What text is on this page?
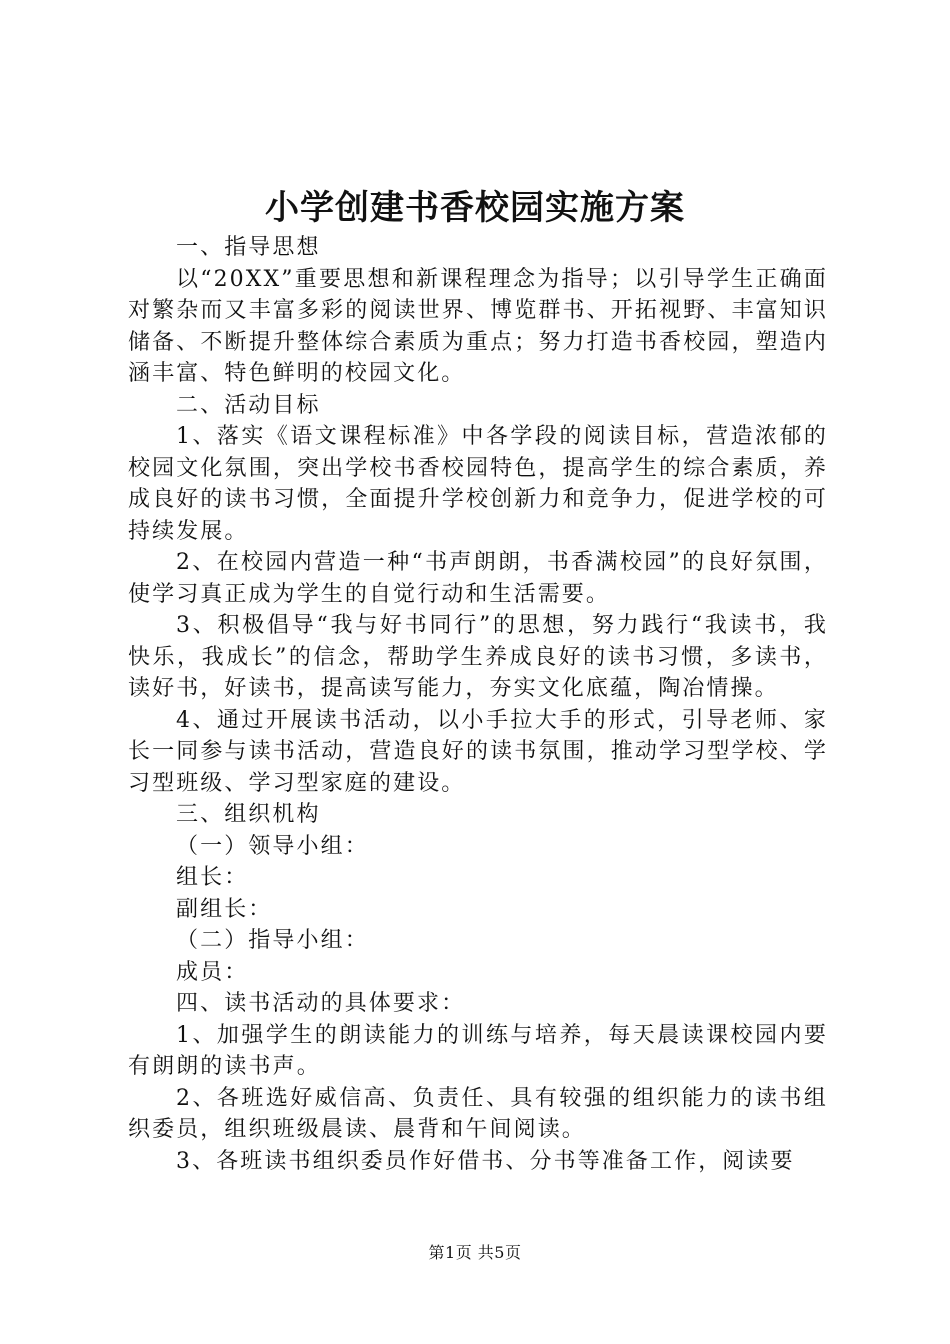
小学创建书香校园实施方案

一、指导思想

以“20XX”重要思想和新课程理念为指导；以引导学生正确面对繁杂而又丰富多彩的阅读世界、博览群书、开拓视野、丰富知识储备、不断提升整体综合素质为重点；努力打造书香校园，塑造内涵丰富、特色鲜明的校园文化。

二、活动目标

1、落实《语文课程标准》中各学段的阅读目标，营造浓郁的校园文化氛围，突出学校书香校园特色，提高学生的综合素质，养成良好的读书习惯，全面提升学校创新力和竞争力，促进学校的可持续发展。

2、在校园内营造一种“书声朗朗，书香满校园”的良好氛围，使学习真正成为学生的自觉行动和生活需要。

3、积极倡导“我与好书同行”的思想，努力践行“我读书，我快乐，我成长”的信念，帮助学生养成良好的读书习惯，多读书，读好书，好读书，提高读写能力，夯实文化底蕴，陶冶情操。

4、通过开展读书活动，以小手拉大手的形式，引导老师、家长一同参与读书活动，营造良好的读书氛围，推动学习型学校、学习型班级、学习型家庭的建设。

三、组织机构

（一）领导小组：

组长：

副组长：

（二）指导小组：

成员：

四、读书活动的具体要求：

1、加强学生的朗读能力的训练与培养，每天晨读课校园内要有朗朗的读书声。

2、各班选好威信高、负责任、具有较强的组织能力的读书组织委员，组织班级晨读、晨背和午间阅读。

3、各班读书组织委员作好借书、分书等准备工作，阅读要

第1页 共5页
